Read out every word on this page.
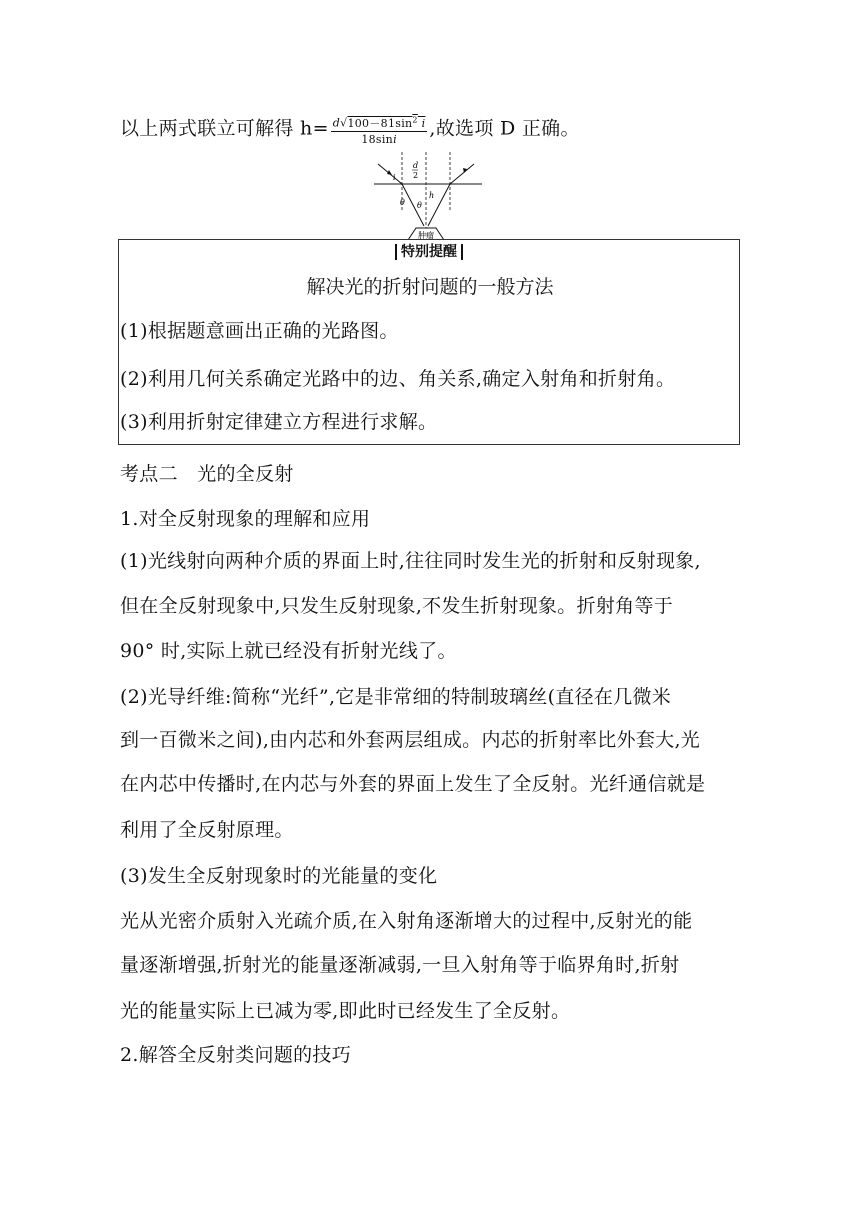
以上两式联立可解得 $h= \frac{d√100-81\sin^2 i}{18\sin i}$ ,故选项 D 正确。
d
2
h
i
θ θ
肿瘤
特别提醒
解决光的折射问题的一般方法
(1)根据题意画出正确的光路图。
(2)利用几何关系确定光路中的边、角关系,确定入射角和折射角。
(3)利用折射定律建立方程进行求解。
考点二　光的全反射
1.对全反射现象的理解和应用
(1)光线射向两种介质的界面上时,往往同时发生光的折射和反射现象,
但在全反射现象中,只发生反射现象,不发生折射现象。折射角等于
90° 时,实际上就已经没有折射光线了。
(2)光导纤维:简称“光纤”,它是非常细的特制玻璃丝(直径在几微米
到一百微米之间),由内芯和外套两层组成。内芯的折射率比外套大,光
在内芯中传播时,在内芯与外套的界面上发生了全反射。光纤通信就是
利用了全反射原理。
(3)发生全反射现象时的光能量的变化
光从光密介质射入光疏介质,在入射角逐渐增大的过程中,反射光的能
量逐渐增强,折射光的能量逐渐减弱,一旦入射角等于临界角时,折射
光的能量实际上已减为零,即此时已经发生了全反射。
2.解答全反射类问题的技巧
